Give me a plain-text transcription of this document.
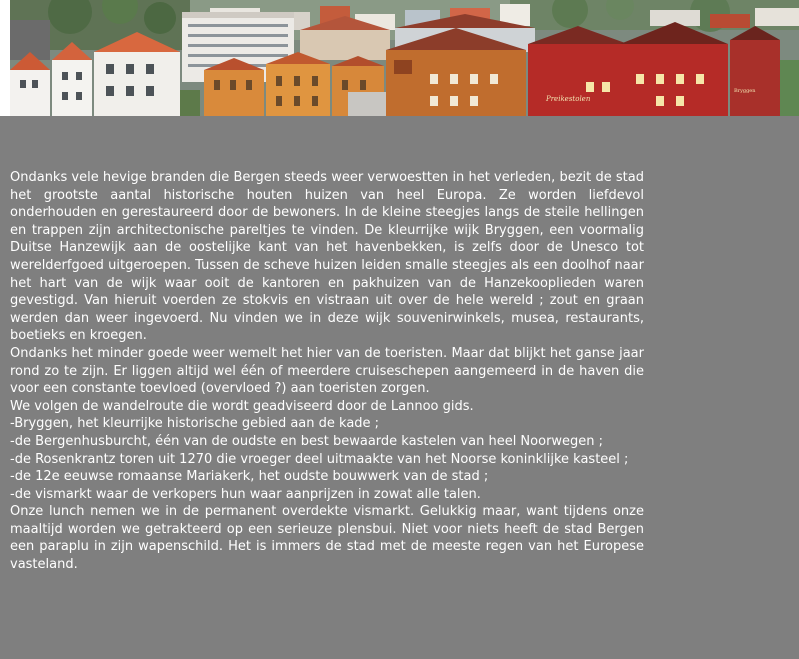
Preikestolen
Bryggen

Ondanks vele hevige branden die Bergen steeds weer verwoestten in het verleden, bezit de stad het grootste aantal historische houten huizen van heel Europa. Ze worden liefdevol onderhouden en gerestaureerd door de bewoners. In de kleine steegjes langs de steile hellingen en trappen zijn architectonische pareltjes te vinden. De kleurrijke wijk Bryggen, een voormalig Duitse Hanzewijk aan de oostelijke kant van het havenbekken, is zelfs door de Unesco tot werelderfgoed uitgeroepen. Tussen de scheve huizen leiden smalle steegjes als een doolhof naar het hart van de wijk waar ooit de kantoren en pakhuizen van de Hanzekooplieden waren gevestigd. Van hieruit voerden ze stokvis en vistraan uit over de hele wereld ; zout en graan werden dan weer ingevoerd. Nu vinden we in deze wijk souvenirwinkels, musea, restaurants, boetieks en kroegen.

Ondanks het minder goede weer wemelt het hier van de toeristen. Maar dat blijkt het ganse jaar rond zo te zijn. Er liggen altijd wel één of meerdere cruiseschepen aangemeerd in de haven die voor een constante toevloed (overvloed ?) aan toeristen zorgen.

We volgen de wandelroute die wordt geadviseerd door de Lannoo gids.

-Bryggen, het kleurrijke historische gebied aan de kade ;

-de Bergenhusburcht, één van de oudste en best bewaarde kastelen van heel Noorwegen ;

-de Rosenkrantz toren uit 1270 die vroeger deel uitmaakte van het Noorse koninklijke kasteel ;

-de 12e eeuwse romaanse Mariakerk, het oudste bouwwerk van de stad ;

-de vismarkt waar de verkopers hun waar aanprijzen in zowat alle talen.

Onze lunch nemen we in de permanent overdekte vismarkt. Gelukkig maar, want tijdens onze maaltijd worden we getrakteerd op een serieuze plensbui. Niet voor niets heeft de stad Bergen een paraplu in zijn wapenschild. Het is immers de stad met de meeste regen van het Europese vasteland.
